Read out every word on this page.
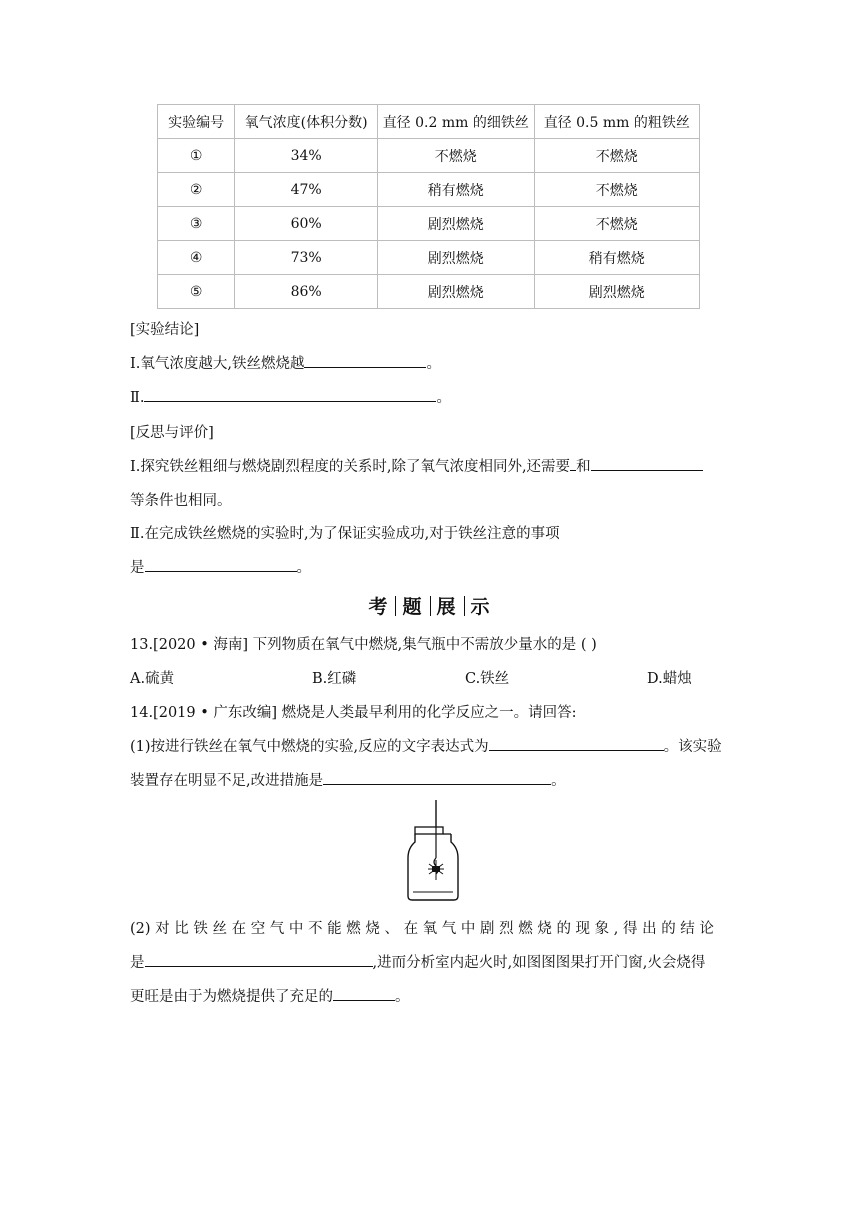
实验编号	氧气浓度(体积分数)	直径 0.2 mm 的细铁丝	直径 0.5 mm 的粗铁丝
①	34%	不燃烧	不燃烧
②	47%	稍有燃烧	不燃烧
③	60%	剧烈燃烧	不燃烧
④	73%	剧烈燃烧	稍有燃烧
⑤	86%	剧烈燃烧	剧烈燃烧
[实验结论]
Ⅰ.氧气浓度越大,铁丝燃烧越	。
Ⅱ.	。
[反思与评价]
Ⅰ.探究铁丝粗细与燃烧剧烈程度的关系时,除了氧气浓度相同外,还需要 和
等条件也相同。
Ⅱ.在完成铁丝燃烧的实验时,为了保证实验成功,对于铁丝注意的事项
是	。
考 题 展 示
13.[2020 • 海南] 下列物质在氧气中燃烧,集气瓶中不需放少量水的是 ( )
A.硫黄	B.红磷	C.铁丝	D.蜡烛
14.[2019 • 广东改编] 燃烧是人类最早利用的化学反应之一。请回答:
(1)按进行铁丝在氧气中燃烧的实验,反应的文字表达式为	。该实验
装置存在明显不足,改进措施是	。
(2) 对 比 铁 丝 在 空 气 中 不 能 燃 烧 、 在 氧 气 中 剧 烈 燃 烧 的 现 象 , 得 出 的 结 论
是	,进而分析室内起火时,如图图图果打开门窗,火会烧得
更旺是由于为燃烧提供了充足的	。
